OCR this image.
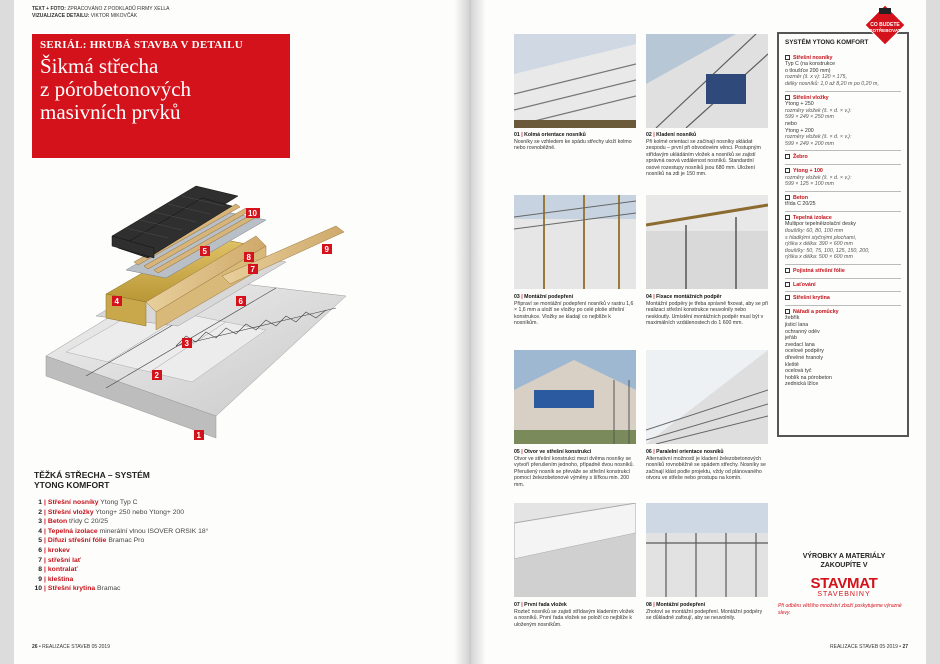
TEXT + FOTO: ZPRACOVÁNO Z PODKLADŮ FIRMY XELLA
VIZUALIZACE DETAILU: VIKTOR MIKOVČÁK
SERIÁL: HRUBÁ STAVBA V DETAILU
Šikmá střecha
z pórobetonových
masivních prvků
1
2
3
4
5
6
7
8
9
10
TĚŽKÁ STŘECHA – SYSTÉM
YTONG KOMFORT
1 | Střešní nosníky Ytong Typ C
2 | Střešní vložky Ytong+ 250 nebo Ytong+ 200
3 | Beton třídy C 20/25
4 | Tepelná izolace minerální vlnou ISOVER ORSIK 18°
5 | Difuzi střešní fólie Bramac Pro
6 | krokev
7 | střešní lať
8 | kontralať
9 | kleština
10 | Střešní krytina Bramac
26 • REALIZACE STAVEB 05·2019
01 | Kolmá orientace nosníků
Nosníky se vzhledem ke spádu střechy uloží kolmo nebo rovnoběžně.
02 | Kladení nosníků
Při kolmé orientaci se začínají nosníky ukládat zespodu – první při obvodovém věnci. Postupným střídavým ukládáním vložek a nosníků se zajistí správná osová vzdálenost nosníků. Standardní osové rozestupy nosníků jsou 680 mm. Uložení nosníků na zdi je 150 mm.
03 | Montážní podepření
Připraví se montážní podepření nosníků v rastru 1,6 × 1,6 mm a uloží se vložky po celé ploše střešní konstrukce. Vložky se kladají co nejblíže k nosníkům.
04 | Fixace montážních podpěr
Montážní podpěry je třeba správně fixovat, aby se při realizaci střešní konstrukce neuvolnily nebo neskloutly. Umístění montážních podpěr musí být v maximálních vzdálenostech do 1 600 mm.
05 | Otvor ve střešní konstrukci
Otvor ve střešní konstrukci mezi dvěma nosníky se vytvoří přerušením jednoho, případně dvou nosníků. Přerušený nosník se převáže se střešní konstrukcí pomocí železobetonové výměny s šířkou min. 200 mm.
06 | Paralelní orientace nosníků
Alternativní možností je kladení železobetonových nosníků rovnoběžně se spádem střechy. Nosníky se začínají klást podle projektu, vždy od plánovaného otvoru ve střeše nebo prostupu na komín.
07 | První řada vložek
Rozteč nosníků se zajistí střídavým kladením vložek a nosníků. První řada vložek se položí co nejblíže k uloženým nosníkům.
08 | Montážní podepření
Zhotoví se montážní podepření. Montážní podpěry se důkladně zafixují, aby se neuvolnily.
SYSTÉM YTONG KOMFORT
Střešní nosníky
Typ C (na konstrukce
o tloušťce 200 mm)
rozměr (š. x v): 120 × 175,
délky nosníků: 1,0 až 8,20 m po 0,20 m,
Střešní vložky
Ytong + 250
rozměry vložek (š. × d. × v.):
599 × 249 × 250 mm
nebo
Ytong + 200
rozměry vložek (š. × d. × v.):
599 × 249 × 200 mm
Žebro
Ytong + 100
rozměry vložek (š. × d. × v.):
599 × 125 × 100 mm
Beton
třída C 20/25
Tepelná izolace
Multipor tepelněizolační desky
tloušťky: 60, 80, 100 mm
s hladkými styčnými plochami,
rýška x délka: 390 × 600 mm
tloušťky: 50, 75, 100, 125, 150, 200,
rýška x délka: 500 × 600 mm
Pojistná střešní fólie
Laťování
Střešní krytina
Nářadí a pomůcky
žebřík
jisticí lana
ochranný oděv
jeřáb
zvedací lana
ocelové podpěry
dřevěné hranoly
kleště
ocelová tyč
hoblík na pórobeton
zednická lžíce
CO BUDETE
POTŘEBOVAT
VÝROBKY A MATERIÁLY
ZAKOUPÍTE V
STAVMAT
STAVEBNINY
Při odběru většího množství zboží poskytujeme výrazné slevy.
REALIZACE STAVEB 05·2019 • 27
